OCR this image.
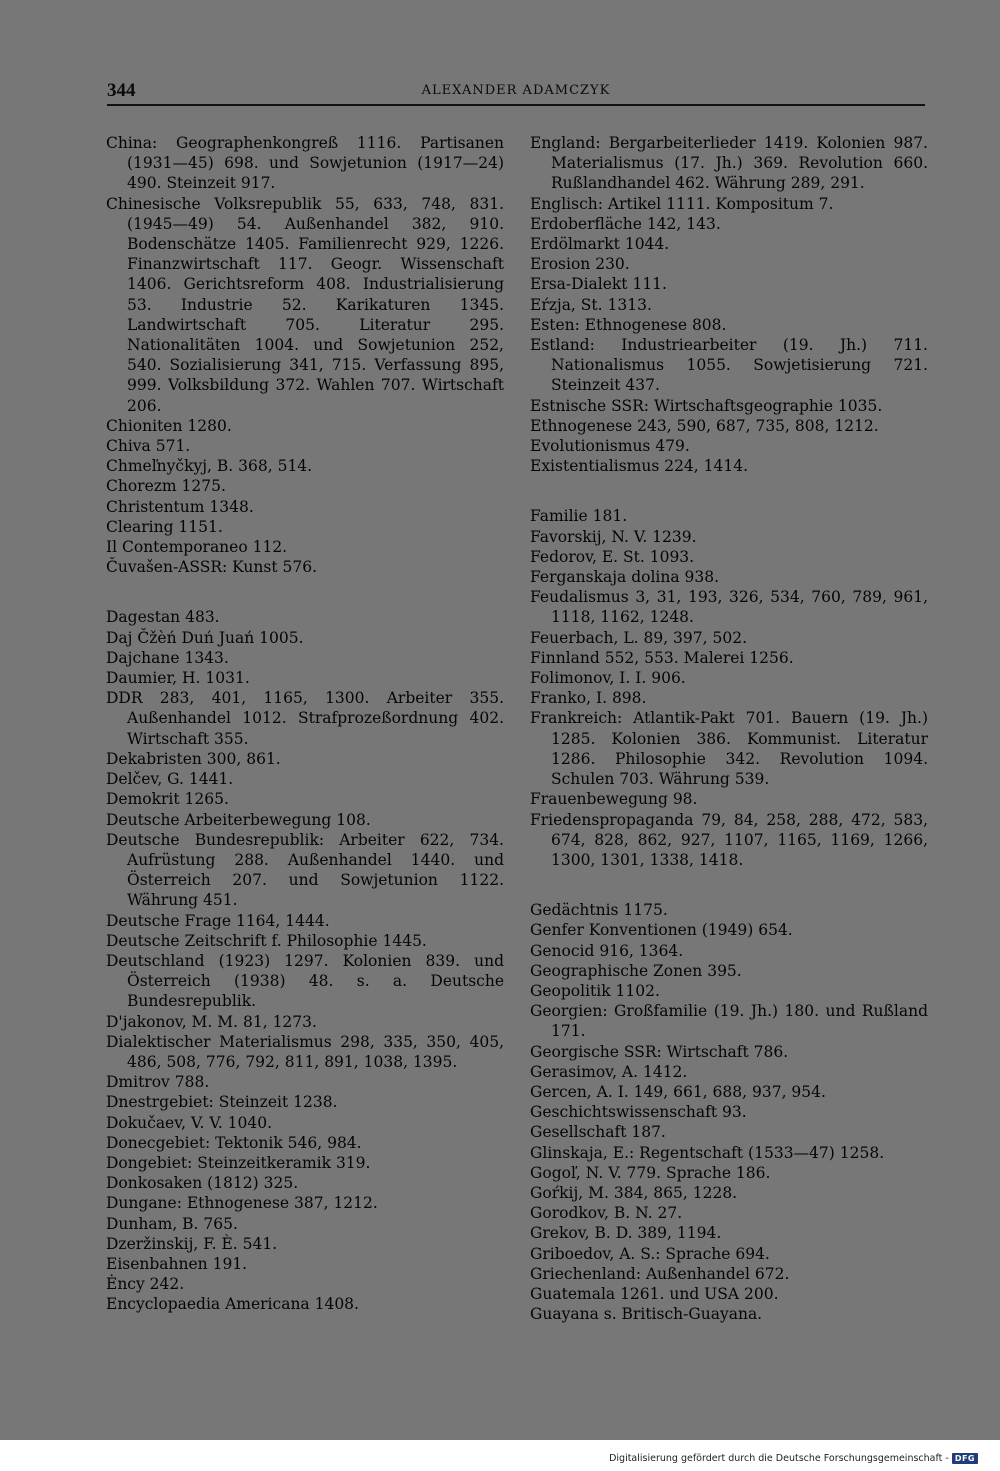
344	ALEXANDER ADAMCZYK

China: Geographenkongreß 1116. Partisanen (1931—45) 698. und Sowjetunion (1917—24) 490. Steinzeit 917.

Chinesische Volksrepublik 55, 633, 748, 831. (1945—49) 54. Außenhandel 382, 910. Bodenschätze 1405. Familienrecht 929, 1226. Finanzwirtschaft 117. Geogr. Wissenschaft 1406. Gerichtsreform 408. Industrialisierung 53. Industrie 52. Karikaturen 1345. Landwirtschaft 705. Literatur 295. Nationalitäten 1004. und Sowjetunion 252, 540. Sozialisierung 341, 715. Verfassung 895, 999. Volksbildung 372. Wahlen 707. Wirtschaft 206.

Chioniten 1280.

Chiva 571.

Chmeľnyčkyj, B. 368, 514.

Chorezm 1275.

Christentum 1348.

Clearing 1151.

Il Contemporaneo 112.

Čuvašen-ASSR: Kunst 576.

Dagestan 483.

Daj Čžèń Duń Juań 1005.

Dajchane 1343.

Daumier, H. 1031.

DDR 283, 401, 1165, 1300. Arbeiter 355. Außenhandel 1012. Strafprozeßordnung 402. Wirtschaft 355.

Dekabristen 300, 861.

Delčev, G. 1441.

Demokrit 1265.

Deutsche Arbeiterbewegung 108.

Deutsche Bundesrepublik: Arbeiter 622, 734. Aufrüstung 288. Außenhandel 1440. und Österreich 207. und Sowjetunion 1122. Währung 451.

Deutsche Frage 1164, 1444.

Deutsche Zeitschrift f. Philosophie 1445.

Deutschland (1923) 1297. Kolonien 839. und Österreich (1938) 48. s. a. Deutsche Bundesrepublik.

D'jakonov, M. M. 81, 1273.

Dialektischer Materialismus 298, 335, 350, 405, 486, 508, 776, 792, 811, 891, 1038, 1395.

Dmitrov 788.

Dnestrgebiet: Steinzeit 1238.

Dokučaev, V. V. 1040.

Donecgebiet: Tektonik 546, 984.

Dongebiet: Steinzeitkeramik 319.

Donkosaken (1812) 325.

Dungane: Ethnogenese 387, 1212.

Dunham, B. 765.

Dzeržinskij, F. È. 541.

Eisenbahnen 191.

Ėncy 242.

Encyclopaedia Americana 1408.

England: Bergarbeiterlieder 1419. Kolonien 987. Materialismus (17. Jh.) 369. Revolution 660. Rußlandhandel 462. Währung 289, 291.

Englisch: Artikel 1111. Kompositum 7.

Erdoberfläche 142, 143.

Erdölmarkt 1044.

Erosion 230.

Ersa-Dialekt 111.

Eŕzja, St. 1313.

Esten: Ethnogenese 808.

Estland: Industriearbeiter (19. Jh.) 711. Nationalismus 1055. Sowjetisierung 721. Steinzeit 437.

Estnische SSR: Wirtschaftsgeographie 1035.

Ethnogenese 243, 590, 687, 735, 808, 1212.

Evolutionismus 479.

Existentialismus 224, 1414.

Familie 181.

Favorskij, N. V. 1239.

Fedorov, E. St. 1093.

Ferganskaja dolina 938.

Feudalismus 3, 31, 193, 326, 534, 760, 789, 961, 1118, 1162, 1248.

Feuerbach, L. 89, 397, 502.

Finnland 552, 553. Malerei 1256.

Folimonov, I. I. 906.

Franko, I. 898.

Frankreich: Atlantik-Pakt 701. Bauern (19. Jh.) 1285. Kolonien 386. Kommunist. Literatur 1286. Philosophie 342. Revolution 1094. Schulen 703. Währung 539.

Frauenbewegung 98.

Friedenspropaganda 79, 84, 258, 288, 472, 583, 674, 828, 862, 927, 1107, 1165, 1169, 1266, 1300, 1301, 1338, 1418.

Gedächtnis 1175.

Genfer Konventionen (1949) 654.

Genocid 916, 1364.

Geographische Zonen 395.

Geopolitik 1102.

Georgien: Großfamilie (19. Jh.) 180. und Rußland 171.

Georgische SSR: Wirtschaft 786.

Gerasimov, A. 1412.

Gercen, A. I. 149, 661, 688, 937, 954.

Geschichtswissenschaft 93.

Gesellschaft 187.

Glinskaja, E.: Regentschaft (1533—47) 1258.

Gogoľ, N. V. 779. Sprache 186.

Goŕkij, M. 384, 865, 1228.

Gorodkov, B. N. 27.

Grekov, B. D. 389, 1194.

Griboedov, A. S.: Sprache 694.

Griechenland: Außenhandel 672.

Guatemala 1261. und USA 200.

Guayana s. Britisch-Guayana.

Digitalisierung gefördert durch die Deutsche Forschungsgemeinschaft - DFG
